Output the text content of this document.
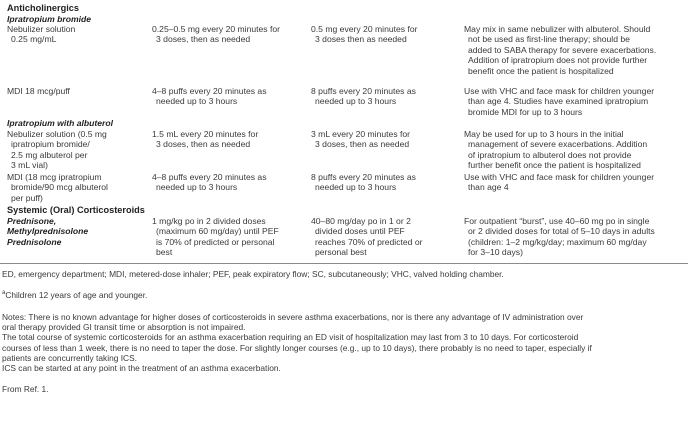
Anticholinergics
Ipratropium bromide
Nebulizer solution
0.25 mg/mL
0.25–0.5 mg every 20 minutes for
3 doses, then as needed
0.5 mg every 20 minutes for
3 doses then as needed
May mix in same nebulizer with albuterol. Should
not be used as first-line therapy; should be
added to SABA therapy for severe exacerbations.
Addition of ipratropium does not provide further
benefit once the patient is hospitalized
MDI 18 mcg/puff	4–8 puffs every 20 minutes as
needed up to 3 hours
8 puffs every 20 minutes as
needed up to 3 hours
Use with VHC and face mask for children younger
than age 4. Studies have examined ipratropium
bromide MDI for up to 3 hours
Ipratropium with albuterol
Nebulizer solution (0.5 mg
ipratropium bromide/
2.5 mg albuterol per
3 mL vial)
1.5 mL every 20 minutes for
3 doses, then as needed
3 mL every 20 minutes for
3 doses, then as needed
May be used for up to 3 hours in the initial
management of severe exacerbations. Addition
of ipratropium to albuterol does not provide
further benefit once the patient is hospitalized
MDI (18 mcg ipratropium
bromide/90 mcg albuterol
per puff)
4–8 puffs every 20 minutes as
needed up to 3 hours
8 puffs every 20 minutes as
needed up to 3 hours
Use with VHC and face mask for children younger
than age 4
Systemic (Oral) Corticosteroids
Prednisone,
Methylprednisolone
Prednisolone
1 mg/kg po in 2 divided doses
(maximum 60 mg/day) until PEF
is 70% of predicted or personal
best
40–80 mg/day po in 1 or 2
divided doses until PEF
reaches 70% of predicted or
personal best
For outpatient “burst”, use 40–60 mg po in single
or 2 divided doses for total of 5–10 days in adults
(children: 1–2 mg/kg/day; maximum 60 mg/day
for 3–10 days)
ED, emergency department; MDI, metered-dose inhaler; PEF, peak expiratory flow; SC, subcutaneously; VHC, valved holding chamber.
$^a$Children 12 years of age and younger.
Notes: There is no known advantage for higher doses of corticosteroids in severe asthma exacerbations, nor is there any advantage of IV administration over
oral therapy provided GI transit time or absorption is not impaired.
The total course of systemic corticosteroids for an asthma exacerbation requiring an ED visit of hospitalization may last from 3 to 10 days. For corticosteroid
courses of less than 1 week, there is no need to taper the dose. For slightly longer courses (e.g., up to 10 days), there probably is no need to taper, especially if
patients are concurrently taking ICS.
ICS can be started at any point in the treatment of an asthma exacerbation.
From Ref. 1.
